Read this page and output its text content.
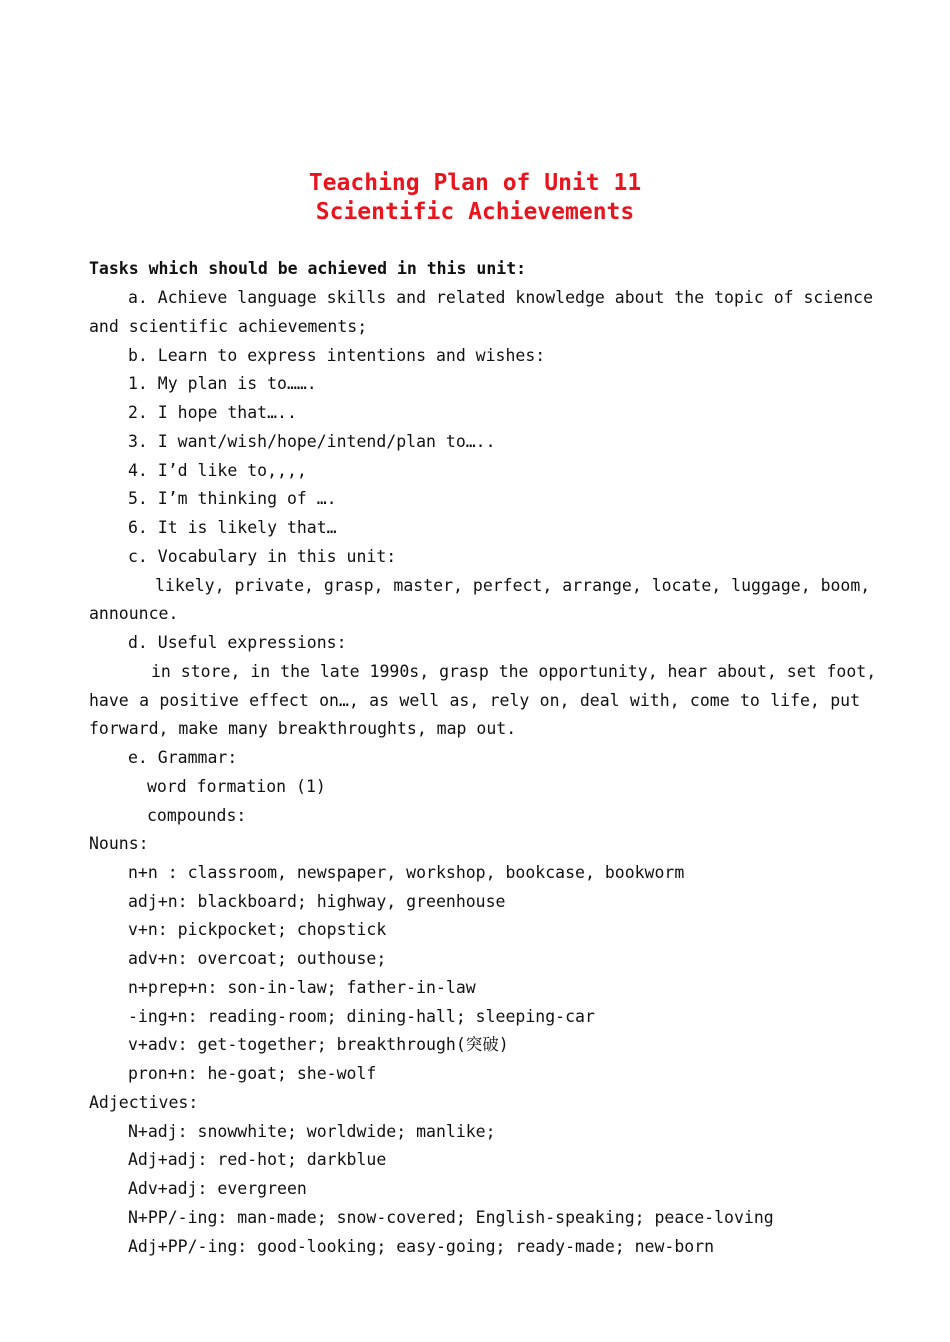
Teaching Plan of Unit 11
Scientific Achievements
Tasks which should be achieved in this unit:
a. Achieve language skills and related knowledge about the topic of science
and scientific achievements;
b. Learn to express intentions and wishes:
1. My plan is to…….
2. I hope that…..
3. I want/wish/hope/intend/plan to…..
4. I’d like to,,,,
5. I’m thinking of ….
6. It is likely that…
c. Vocabulary in this unit:
likely, private, grasp, master, perfect, arrange, locate, luggage, boom,
announce.
d. Useful expressions:
in store, in the late 1990s, grasp the opportunity, hear about, set foot,
have a positive effect on…, as well as, rely on, deal with, come to life, put
forward, make many breakthroughts, map out.
e. Grammar:
word formation (1)
compounds:
Nouns:
n+n : classroom, newspaper, workshop, bookcase, bookworm
adj+n: blackboard; highway, greenhouse
v+n: pickpocket; chopstick
adv+n: overcoat; outhouse;
n+prep+n: son-in-law; father-in-law
-ing+n: reading-room; dining-hall; sleeping-car
v+adv: get-together; breakthrough(突破)
pron+n: he-goat; she-wolf
Adjectives:
N+adj: snowwhite; worldwide; manlike;
Adj+adj: red-hot; darkblue
Adv+adj: evergreen
N+PP/-ing: man-made; snow-covered; English-speaking; peace-loving
Adj+PP/-ing: good-looking; easy-going; ready-made; new-born
